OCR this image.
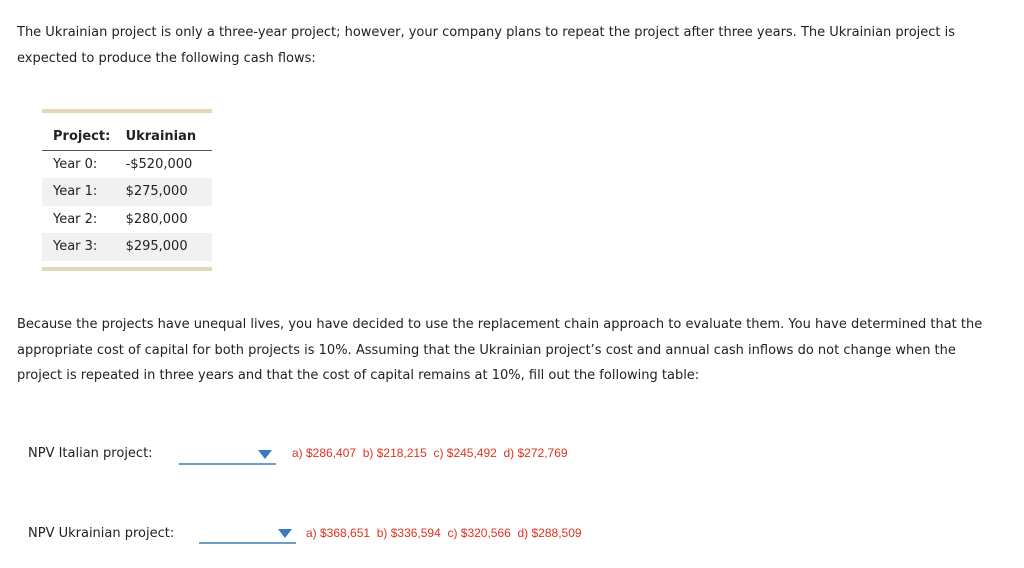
The Ukrainian project is only a three-year project; however, your company plans to repeat the project after three years. The Ukrainian project is
expected to produce the following cash flows:

Project:	Ukrainian
Year 0:	-$520,000
Year 1:	$275,000
Year 2:	$280,000
Year 3:	$295,000

Because the projects have unequal lives, you have decided to use the replacement chain approach to evaluate them. You have determined that the
appropriate cost of capital for both projects is 10%. Assuming that the Ukrainian project’s cost and annual cash inflows do not change when the
project is repeated in three years and that the cost of capital remains at 10%, fill out the following table:

NPV Italian project:	a) $286,407  b) $218,215  c) $245,492  d) $272,769
NPV Ukrainian project:	a) $368,651  b) $336,594  c) $320,566  d) $288,509
